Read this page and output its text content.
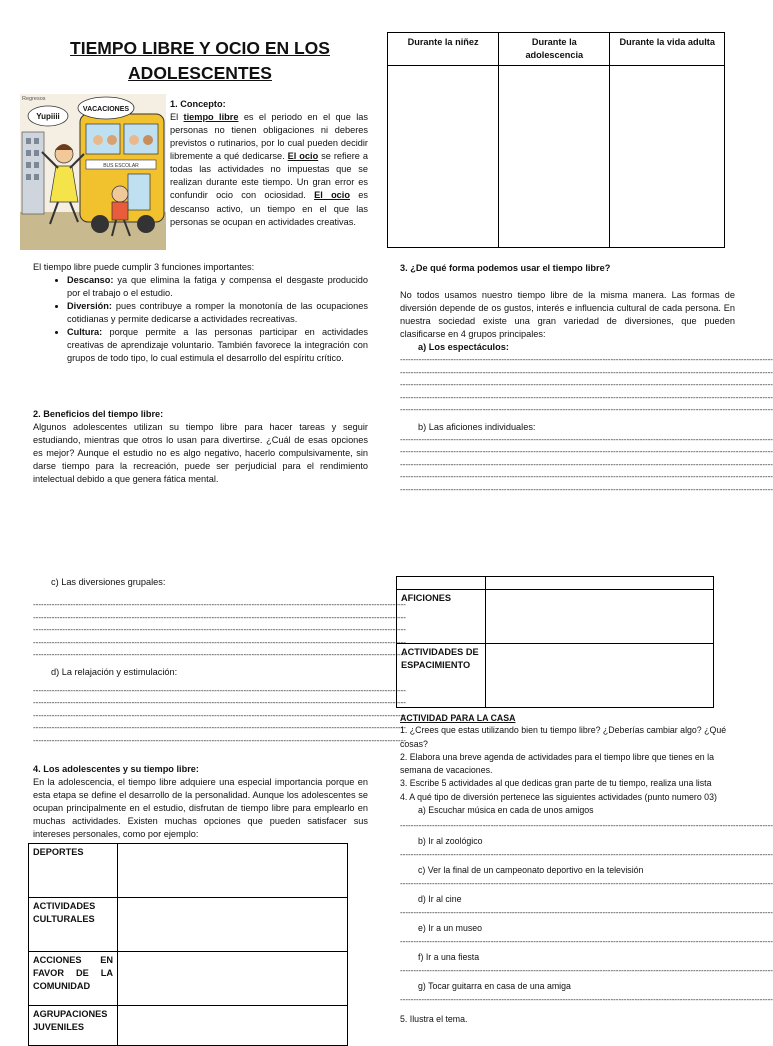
TIEMPO LIBRE Y OCIO EN LOS ADOLESCENTES
BUS ESCOLAR
Regresos
Yupiiii
VACACIONES

1. Concepto:

El tiempo libre es el periodo en el que las personas no tienen obligaciones ni deberes previstos o rutinarios, por lo cual pueden decidir libremente a qué dedicarse. El ocio se refiere a todas las actividades no impuestas que se realizan durante este tiempo. Un gran error es confundir ocio con ociosidad. El ocio es descanso activo, un tiempo en el que las personas se ocupan en actividades creativas.

El tiempo libre puede cumplir 3 funciones importantes:

• Descanso: ya que elimina la fatiga y compensa el desgaste producido por el trabajo o el estudio.
• Diversión: pues contribuye a romper la monotonía de las ocupaciones cotidianas y permite dedicarse a actividades recreativas.
• Cultura: porque permite a las personas participar en actividades creativas de aprendizaje voluntario. También favorece la integración con grupos de todo tipo, lo cual estimula el desarrollo del espíritu crítico.

2. Beneficios del tiempo libre:

Algunos adolescentes utilizan su tiempo libre para hacer tareas y seguir estudiando, mientras que otros lo usan para divertirse. ¿Cuál de esas opciones es mejor? Aunque el estudio no es algo negativo, hacerlo compulsivamente, sin darse tiempo para la recreación, puede ser perjudicial para el rendimiento intelectual debido a que genera fática mental.

Durante la niñez	Durante la adolescencia	Durante la vida adulta

3. ¿De qué forma podemos usar el tiempo libre?

No todos usamos nuestro tiempo libre de la misma manera. Las formas de diversión depende de os gustos, interés e influencia cultural de cada persona. En nuestra sociedad existe una gran variedad de diversiones, que pueden clasificarse en 4 grupos principales:

a) Los espectáculos:

--------------------------------------------------------------------------------------------------------------------------------------------
--------------------------------------------------------------------------------------------------------------------------------------------
--------------------------------------------------------------------------------------------------------------------------------------------
--------------------------------------------------------------------------------------------------------------------------------------------
--------------------------------------------------------------------------------------------------------------------------------------------

b) Las aficiones individuales:

--------------------------------------------------------------------------------------------------------------------------------------------
--------------------------------------------------------------------------------------------------------------------------------------------
--------------------------------------------------------------------------------------------------------------------------------------------
--------------------------------------------------------------------------------------------------------------------------------------------
--------------------------------------------------------------------------------------------------------------------------------------------

c) Las diversiones grupales:

--------------------------------------------------------------------------------------------------------------------------------------------
--------------------------------------------------------------------------------------------------------------------------------------------
--------------------------------------------------------------------------------------------------------------------------------------------
--------------------------------------------------------------------------------------------------------------------------------------------
--------------------------------------------------------------------------------------------------------------------------------------------

d) La relajación y estimulación:

--------------------------------------------------------------------------------------------------------------------------------------------
--------------------------------------------------------------------------------------------------------------------------------------------
--------------------------------------------------------------------------------------------------------------------------------------------
--------------------------------------------------------------------------------------------------------------------------------------------
--------------------------------------------------------------------------------------------------------------------------------------------

4. Los adolescentes y su tiempo libre:

En la adolescencia, el tiempo libre adquiere una especial importancia porque en esta etapa se define el desarrollo de la personalidad. Aunque los adolescentes se ocupan principalmente en el estudio, disfrutan de tiempo libre para emplearlo en muchas actividades. Existen muchas opciones que pueden satisfacer sus intereses personales, como por ejemplo:

DEPORTES	
ACTIVIDADES CULTURALES	
ACCIONES EN FAVOR DE LA COMUNIDAD	
AGRUPACIONES JUVENILES	

AFICIONES	
ACTIVIDADES DE ESPACIMIENTO	

ACTIVIDAD PARA LA CASA

1. ¿Crees que estas utilizando bien tu tiempo libre? ¿Deberías cambiar algo? ¿Qué cosas?
2. Elabora una breve agenda de actividades para el tiempo libre que tienes en la semana de vacaciones.
3. Escribe 5 actividades al que dedicas gran parte de tu tiempo, realiza una lista
4. A qué tipo de diversión pertenece las siguientes actividades (punto numero 03)
a) Escuchar música en cada de unos amigos
--------------------------------------------------------------------------------------------------------------------------------------------
b) Ir al zoológico
--------------------------------------------------------------------------------------------------------------------------------------------
c) Ver la final de un campeonato deportivo en la televisión
--------------------------------------------------------------------------------------------------------------------------------------------
d) Ir al cine
--------------------------------------------------------------------------------------------------------------------------------------------
e) Ir a un museo
--------------------------------------------------------------------------------------------------------------------------------------------
f) Ir a una fiesta
--------------------------------------------------------------------------------------------------------------------------------------------
g) Tocar guitarra en casa de una amiga
--------------------------------------------------------------------------------------------------------------------------------------------
5. Ilustra el tema.
